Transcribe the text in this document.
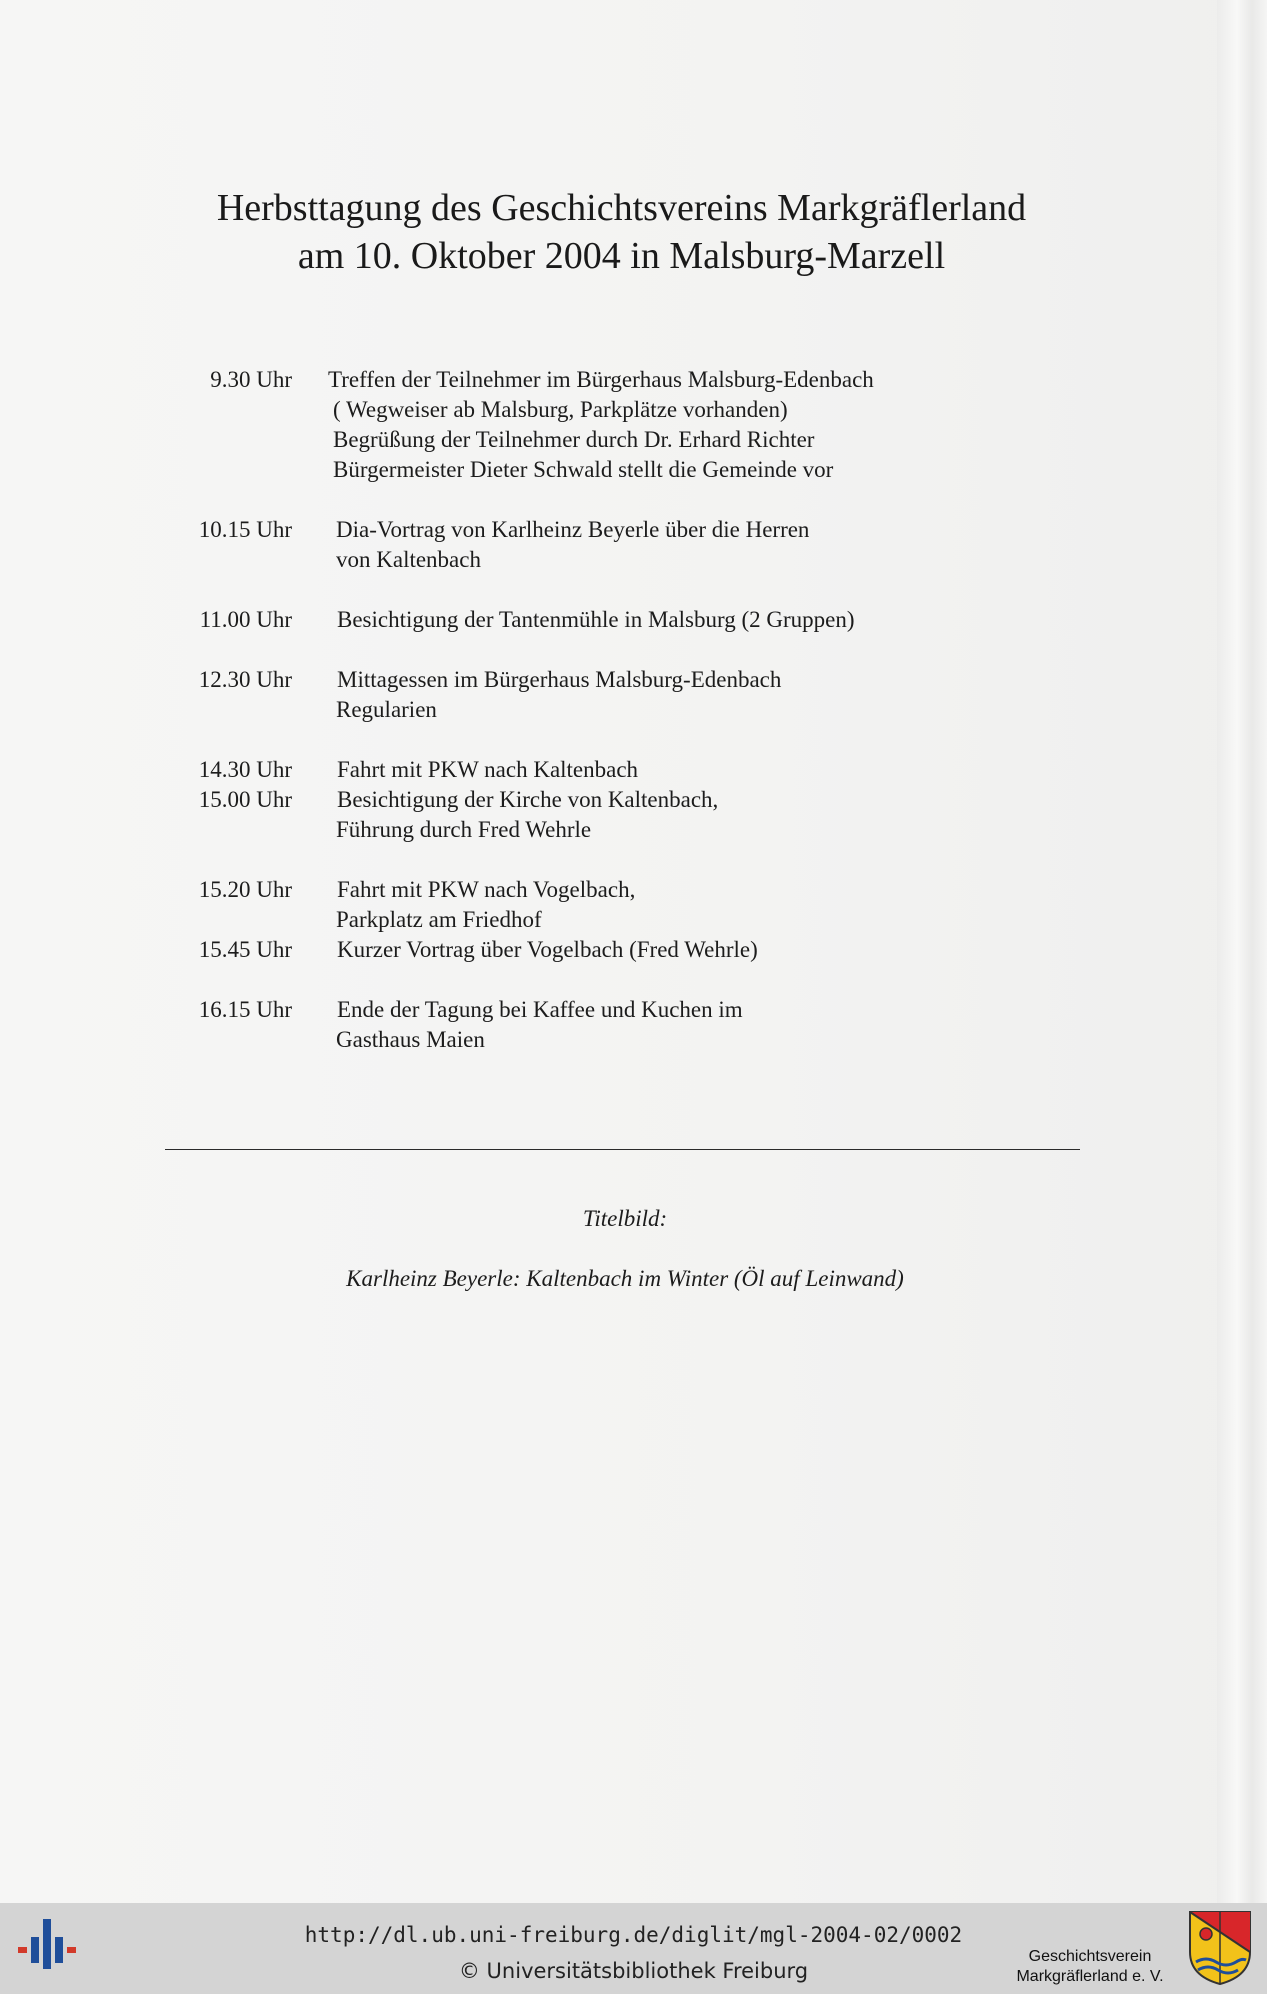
Herbsttagung des Geschichtsvereins Markgräflerland
am 10. Oktober 2004 in Malsburg-Marzell
9.30 Uhr Treffen der Teilnehmer im Bürgerhaus Malsburg-Edenbach
( Wegweiser ab Malsburg, Parkplätze vorhanden)
Begrüßung der Teilnehmer durch Dr. Erhard Richter
Bürgermeister Dieter Schwald stellt die Gemeinde vor
10.15 Uhr Dia-Vortrag von Karlheinz Beyerle über die Herren
von Kaltenbach
11.00 Uhr Besichtigung der Tantenmühle in Malsburg (2 Gruppen)
12.30 Uhr Mittagessen im Bürgerhaus Malsburg-Edenbach
Regularien
14.30 Uhr Fahrt mit PKW nach Kaltenbach
15.00 Uhr Besichtigung der Kirche von Kaltenbach,
Führung durch Fred Wehrle
15.20 Uhr Fahrt mit PKW nach Vogelbach,
Parkplatz am Friedhof
15.45 Uhr Kurzer Vortrag über Vogelbach (Fred Wehrle)
16.15 Uhr Ende der Tagung bei Kaffee und Kuchen im
Gasthaus Maien
Titelbild:
Karlheinz Beyerle: Kaltenbach im Winter (Öl auf Leinwand)
http://dl.ub.uni-freiburg.de/diglit/mgl-2004-02/0002
© Universitätsbibliothek Freiburg
Geschichtsverein
Markgräflerland e. V.
